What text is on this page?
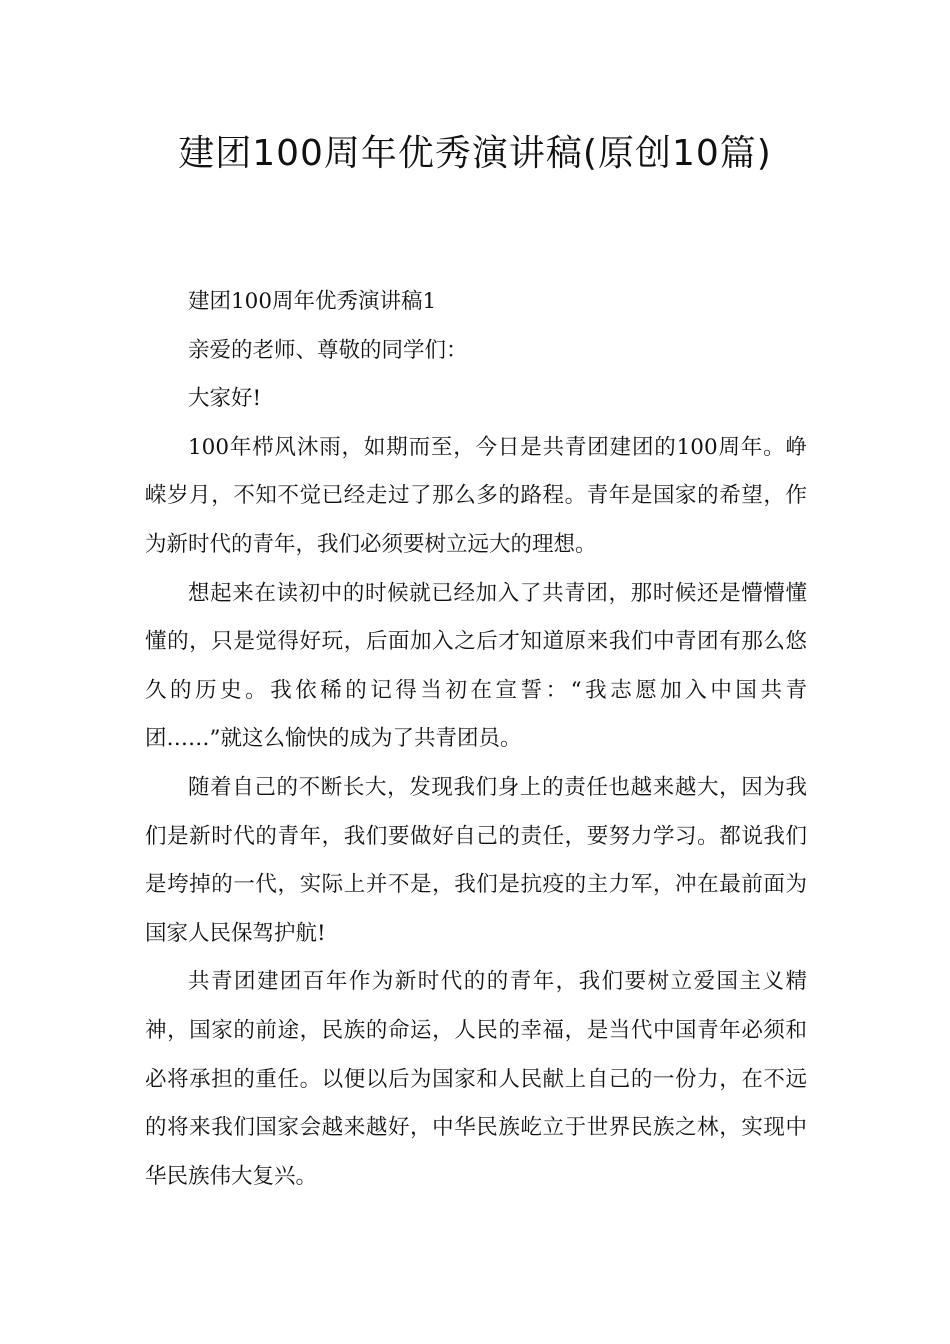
建团100周年优秀演讲稿(原创10篇)

建团100周年优秀演讲稿1

亲爱的老师、尊敬的同学们：

大家好!

100年栉风沐雨，如期而至，今日是共青团建团的100周年。峥嵘岁月，不知不觉已经走过了那么多的路程。青年是国家的希望，作为新时代的青年，我们必须要树立远大的理想。

想起来在读初中的时候就已经加入了共青团，那时候还是懵懵懂懂的，只是觉得好玩，后面加入之后才知道原来我们中青团有那么悠久的历史。我依稀的记得当初在宣誓：“我志愿加入中国共青团……”就这么愉快的成为了共青团员。

随着自己的不断长大，发现我们身上的责任也越来越大，因为我们是新时代的青年，我们要做好自己的责任，要努力学习。都说我们是垮掉的一代，实际上并不是，我们是抗疫的主力军，冲在最前面为国家人民保驾护航!

共青团建团百年作为新时代的的青年，我们要树立爱国主义精神，国家的前途，民族的命运，人民的幸福，是当代中国青年必须和必将承担的重任。以便以后为国家和人民献上自己的一份力，在不远的将来我们国家会越来越好，中华民族屹立于世界民族之林，实现中华民族伟大复兴。
